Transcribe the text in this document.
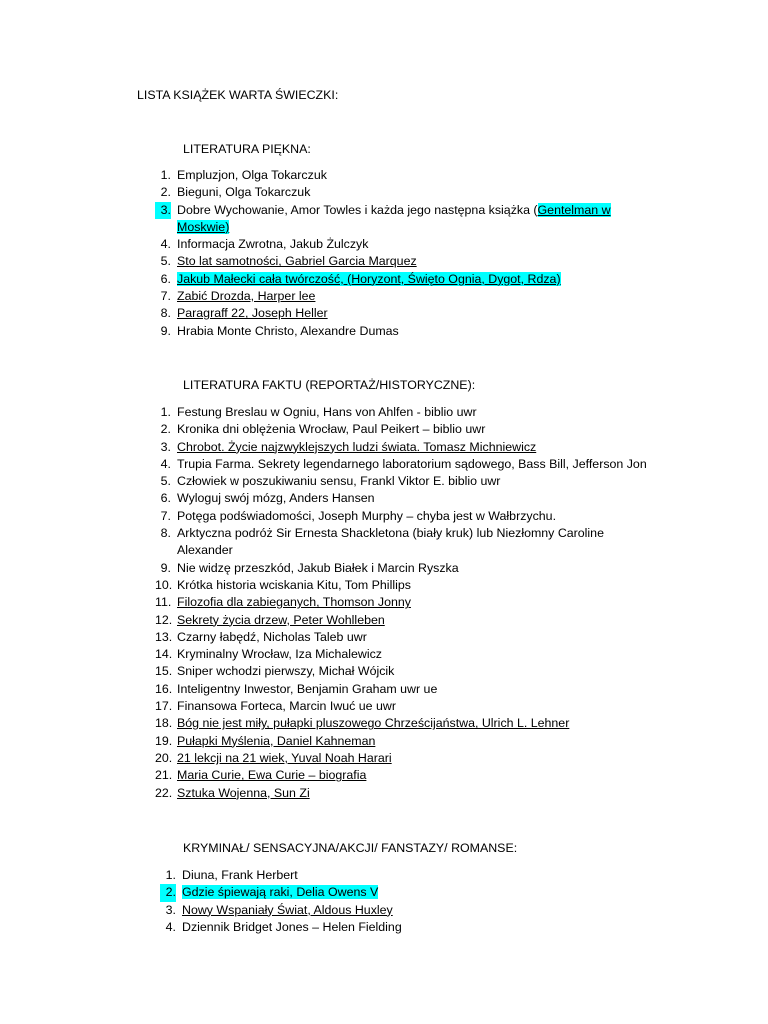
LISTA KSIĄŻEK WARTA ŚWIECZKI:
LITERATURA PIĘKNA:
1. Empluzjon, Olga Tokarczuk
2. Bieguni, Olga Tokarczuk
3. Dobre Wychowanie, Amor Towles i każda jego następna książka (Gentelman w
Moskwie)
4. Informacja Zwrotna, Jakub Żulczyk
5. Sto lat samotności, Gabriel Garcia Marquez
6. Jakub Małecki cała twórczość, (Horyzont, Święto Ognia, Dygot, Rdza)
7. Zabić Drozda, Harper lee
8. Paragraff 22, Joseph Heller
9. Hrabia Monte Christo, Alexandre Dumas
LITERATURA FAKTU (REPORTAŻ/HISTORYCZNE):
1. Festung Breslau w Ogniu, Hans von Ahlfen - biblio uwr
2. Kronika dni oblężenia Wrocław, Paul Peikert – biblio uwr
3. Chrobot. Życie najzwyklejszych ludzi świata. Tomasz Michniewicz
4. Trupia Farma. Sekrety legendarnego laboratorium sądowego, Bass Bill, Jefferson Jon
5. Człowiek w poszukiwaniu sensu, Frankl Viktor E. biblio uwr
6. Wyloguj swój mózg, Anders Hansen
7. Potęga podświadomości, Joseph Murphy – chyba jest w Wałbrzychu.
8. Arktyczna podróż Sir Ernesta Shackletona (biały kruk) lub Niezłomny Caroline
Alexander
9. Nie widzę przeszkód, Jakub Białek i Marcin Ryszka
10. Krótka historia wciskania Kitu, Tom Phillips
11. Filozofia dla zabieganych, Thomson Jonny
12. Sekrety życia drzew, Peter Wohlleben
13. Czarny łabędź, Nicholas Taleb uwr
14. Kryminalny Wrocław, Iza Michalewicz
15. Sniper wchodzi pierwszy, Michał Wójcik
16. Inteligentny Inwestor, Benjamin Graham uwr ue
17. Finansowa Forteca, Marcin Iwuć ue uwr
18. Bóg nie jest miły, pułapki pluszowego Chrześcijaństwa, Ulrich L. Lehner
19. Pułapki Myślenia, Daniel Kahneman
20. 21 lekcji na 21 wiek, Yuval Noah Harari
21. Maria Curie, Ewa Curie – biografia
22. Sztuka Wojenna, Sun Zi
KRYMINAŁ/ SENSACYJNA/AKCJI/ FANSTAZY/ ROMANSE:
1. Diuna, Frank Herbert
2. Gdzie śpiewają raki, Delia Owens V
3. Nowy Wspaniały Świat, Aldous Huxley
4. Dziennik Bridget Jones – Helen Fielding
